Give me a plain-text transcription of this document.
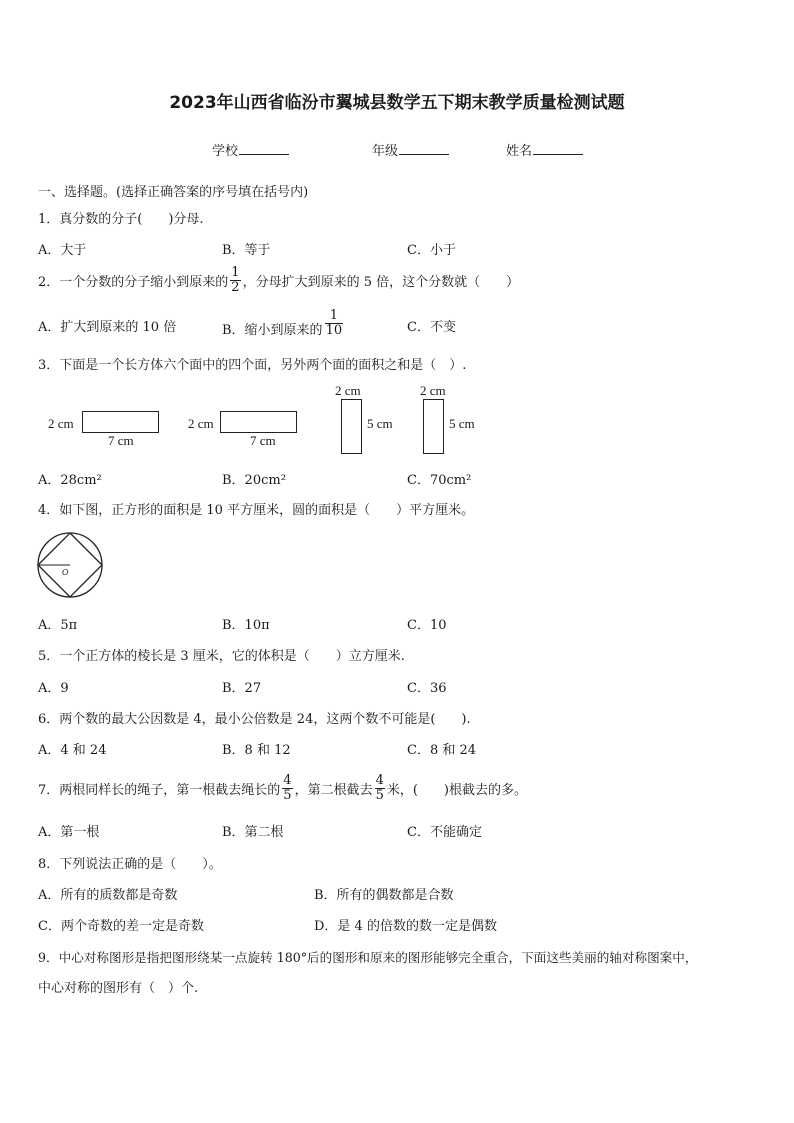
2023年山西省临汾市翼城县数学五下期末教学质量检测试题
学校	年级	姓名
一、选择题。(选择正确答案的序号填在括号内)
1．真分数的分子(　　)分母.
A．大于	B．等于	C．小于
2．一个分数的分子缩小到原来的 $\frac{1}{2}$ ，分母扩大到原来的 5 倍，这个分数就（　　）
A．扩大到原来的 10 倍	B．缩小到原来的 $\frac{1}{10}$	C．不变
3．下面是一个长方体六个面中的四个面，另外两个面的面积之和是（　）.
2 cm
7 cm
2 cm
7 cm
2 cm
5 cm
2 cm
5 cm
A．28cm²	B．20cm²	C．70cm²
4．如下图，正方形的面积是 10 平方厘米，圆的面积是（　　）平方厘米。
O
A．5π	B．10π	C．10
5．一个正方体的棱长是 3 厘米，它的体积是（　　）立方厘米.
A．9	B．27	C．36
6．两个数的最大公因数是 4，最小公倍数是 24，这两个数不可能是(　　).
A．4 和 24	B．8 和 12	C．8 和 24
7．两根同样长的绳子，第一根截去绳长的 $\frac{4}{5}$ ，第二根截去 $\frac{4}{5}$ 米，(　　)根截去的多。
A．第一根	B．第二根	C．不能确定
8．下列说法正确的是（　　）。
A．所有的质数都是奇数	B．所有的偶数都是合数
C．两个奇数的差一定是奇数	D．是 4 的倍数的数一定是偶数
9．中心对称图形是指把图形绕某一点旋转 180°后的图形和原来的图形能够完全重合，下面这些美丽的轴对称图案中，
中心对称的图形有（　）个.
